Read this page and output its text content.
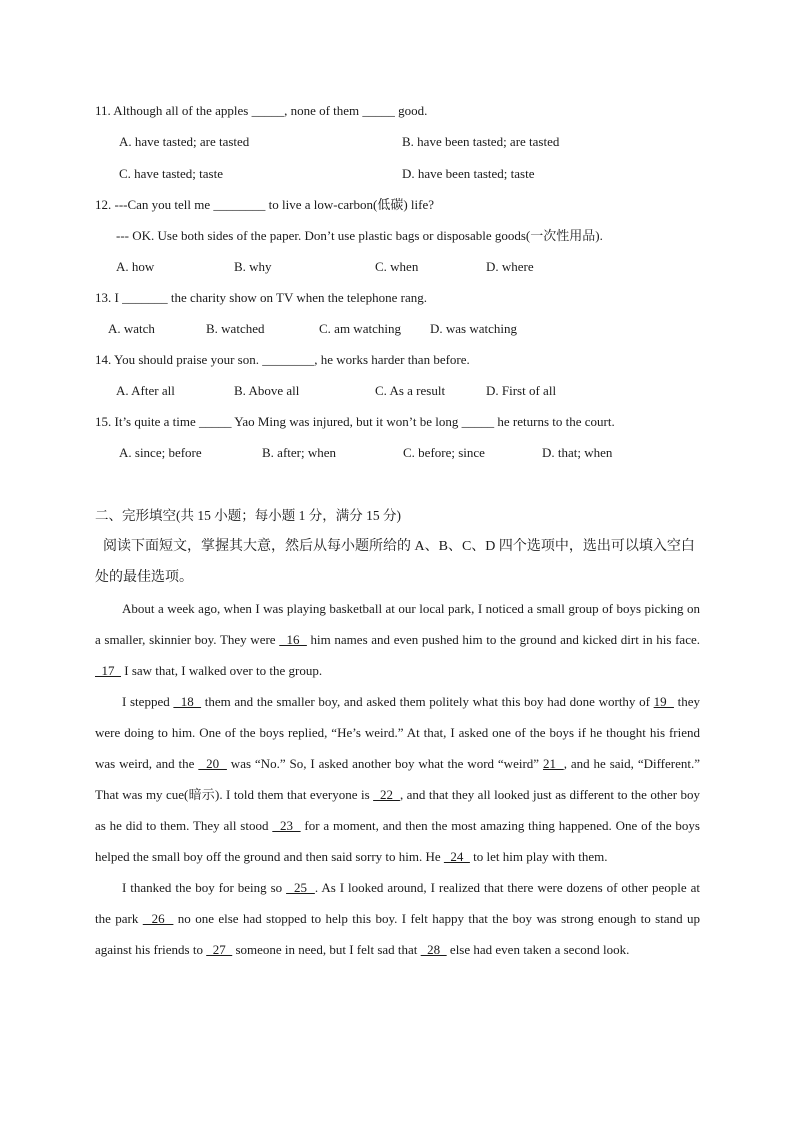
11. Although all of the apples _____, none of them _____ good.
A. have tasted; are tasted	B. have been tasted; are tasted
C. have tasted; taste	D. have been tasted; taste
12. ---Can you tell me ________ to live a low-carbon(低碳) life?
--- OK. Use both sides of the paper. Don’t use plastic bags or disposable goods(一次性用品).
A. how	B. why	C. when	D. where
13. I _______ the charity show on TV when the telephone rang.
A. watch	B. watched	C. am watching D. was watching
14. You should praise your son. ________, he works harder than before.
A. After all	B. Above all	C. As a result	D. First of all
15. It’s quite a time _____ Yao Ming was injured, but it won’t be long _____ he returns to the court.
A. since; before	B. after; when	C. before; since	D. that; when
二、完形填空(共 15 小题；每小题 1 分，满分 15 分)
阅读下面短文，掌握其大意，然后从每小题所给的 A、B、C、D 四个选项中，选出可以填入空白处的最佳选项。

About a week ago, when I was playing basketball at our local park, I noticed a small group of boys picking on a smaller, skinnier boy. They were   16   him names and even pushed him to the ground and kicked dirt in his face.   17   I saw that, I walked over to the group.

I stepped   18   them and the smaller boy, and asked them politely what this boy had done worthy of 19   they were doing to him. One of the boys replied, “He’s weird.” At that, I asked one of the boys if he thought his friend was weird, and the   20   was “No.” So, I asked another boy what the word “weird” 21  , and he said, “Different.” That was my cue(暗示). I told them that everyone is   22  , and that they all looked just as different to the other boy as he did to them. They all stood   23   for a moment, and then the most amazing thing happened. One of the boys helped the small boy off the ground and then said sorry to him. He   24   to let him play with them.

I thanked the boy for being so   25  . As I looked around, I realized that there were dozens of other people at the park   26   no one else had stopped to help this boy. I felt happy that the boy was strong enough to stand up against his friends to   27   someone in need, but I felt sad that   28   else had even taken a second look.
